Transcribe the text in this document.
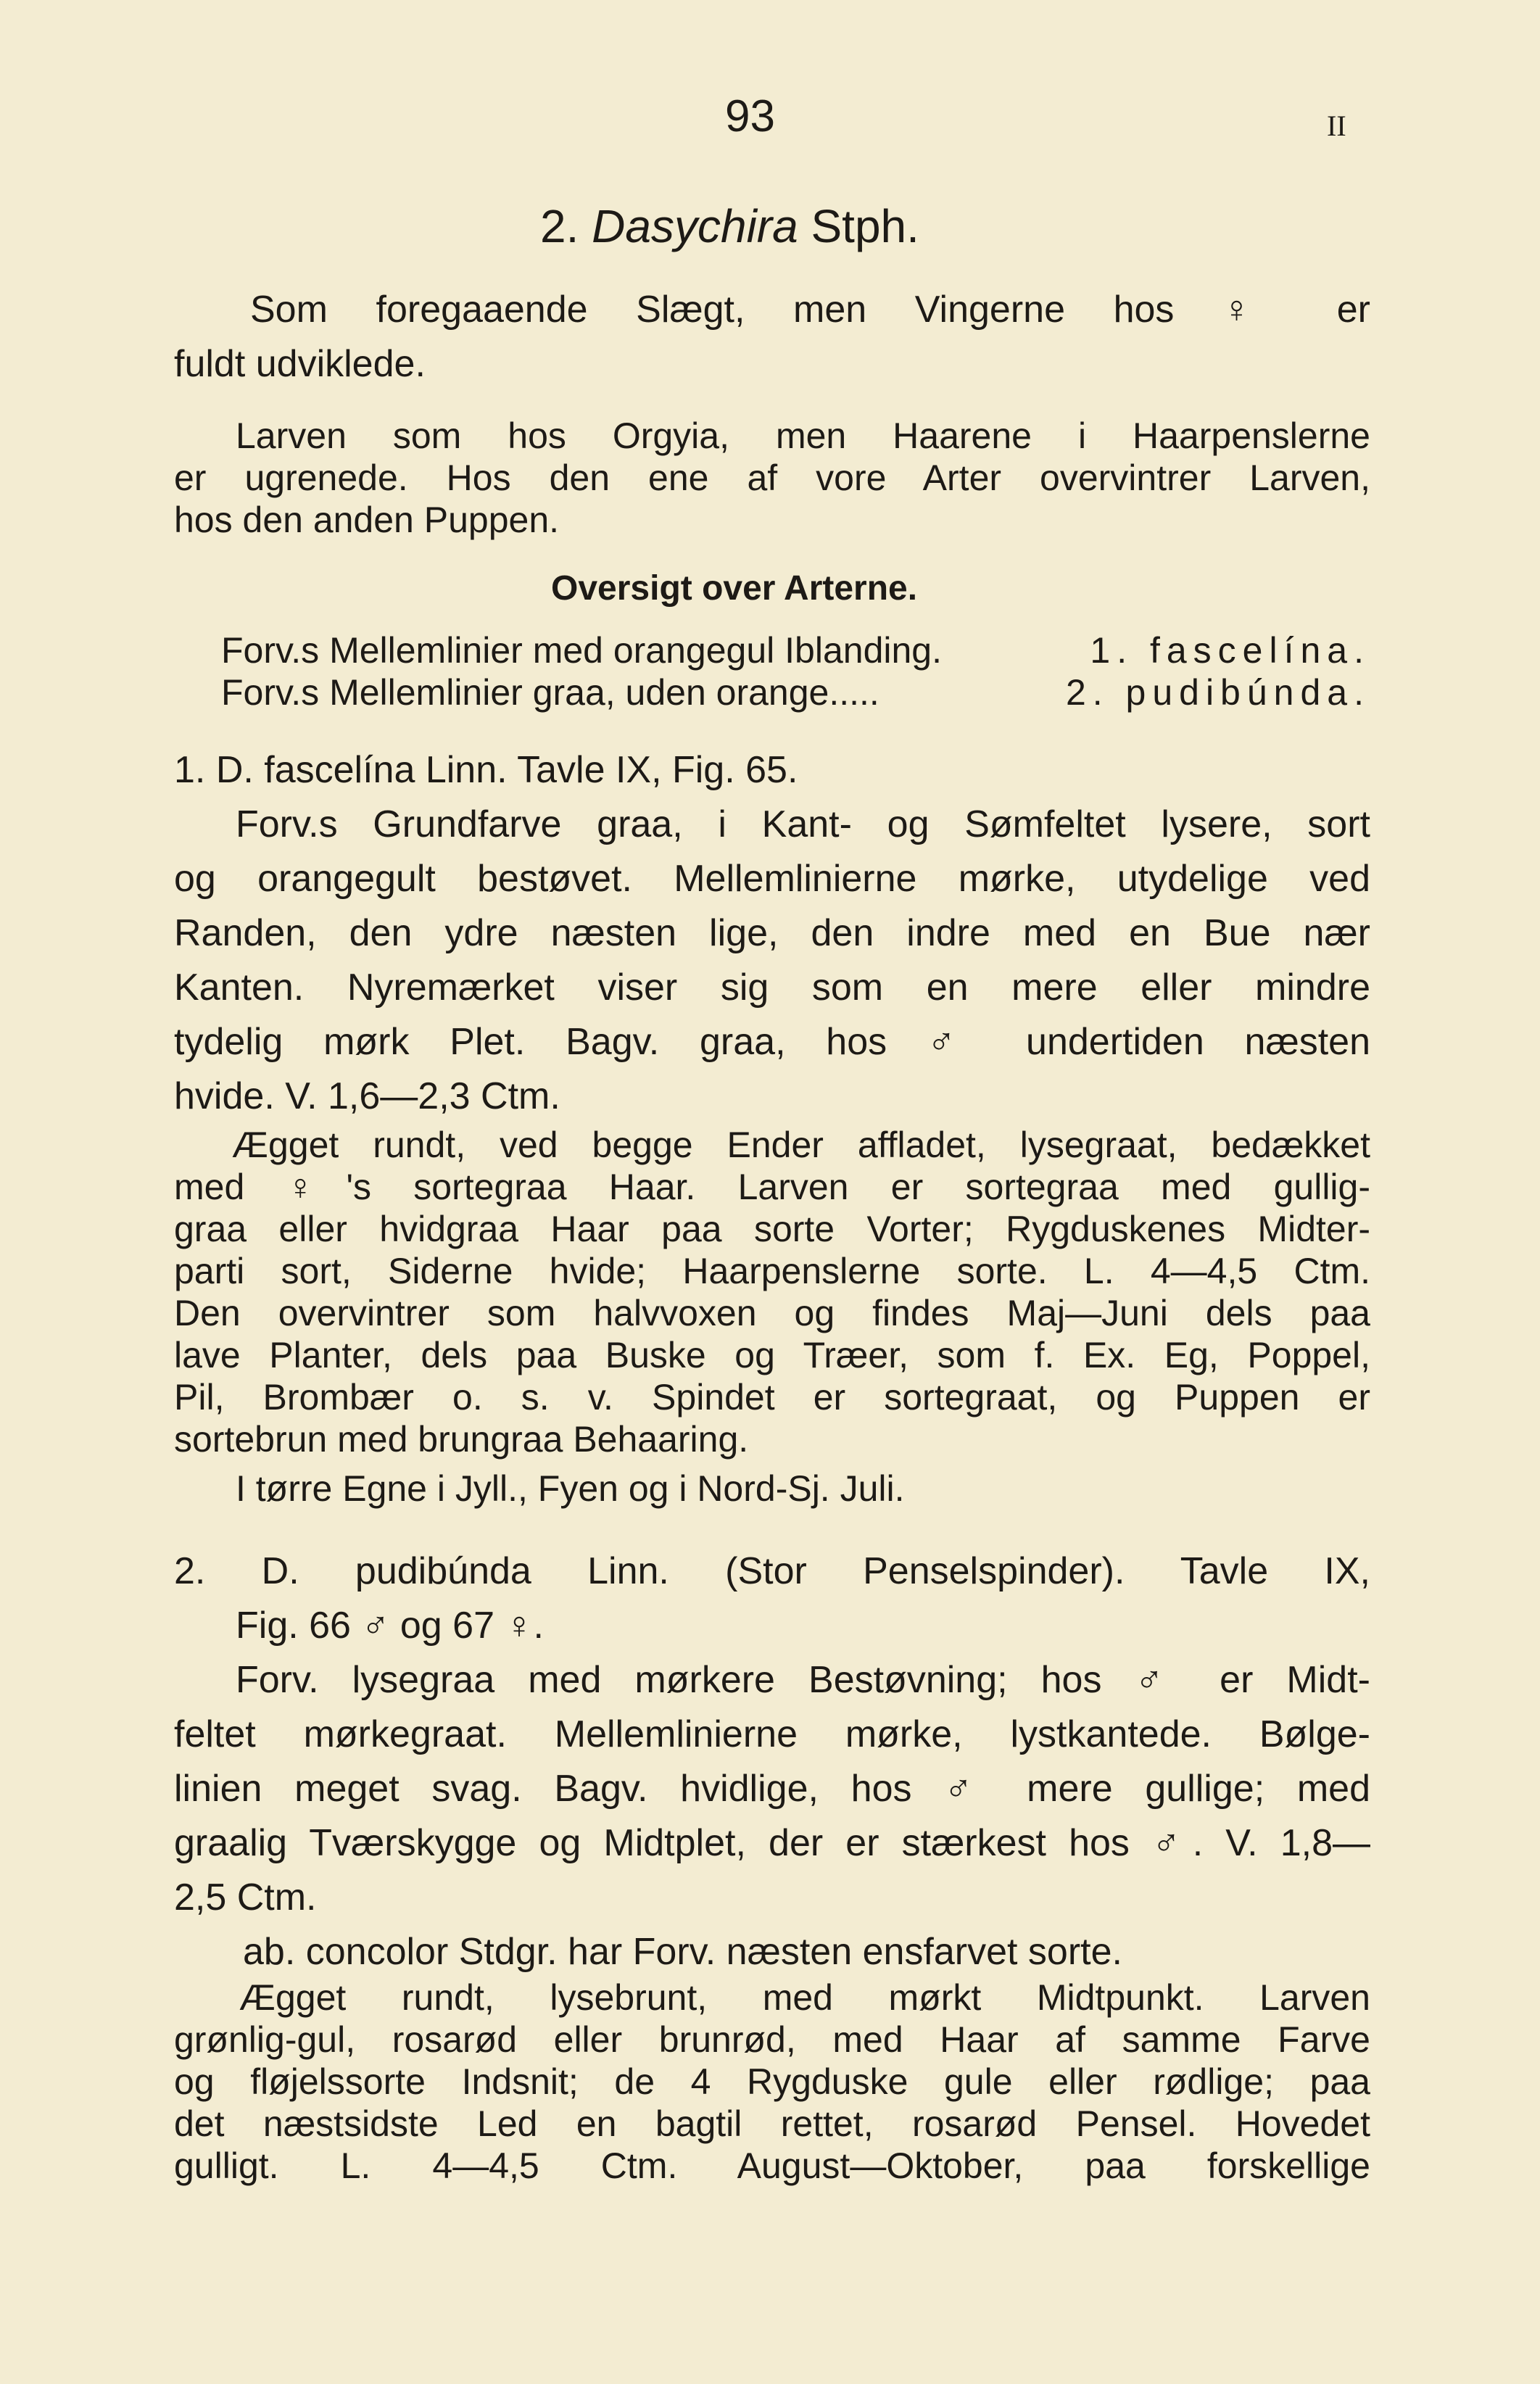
93	II
2. Dasychira Stph.
Som foregaaende Slægt, men Vingerne hos ♀ er
fuldt udviklede.
Larven som hos Orgyia, men Haarene i Haarpenslerne
er ugrenede. Hos den ene af vore Arter overvintrer Larven,
hos den anden Puppen.
Oversigt over Arterne.
Forv.s Mellemlinier med orangegul Iblanding.	1. fascelína.
Forv.s Mellemlinier graa, uden orange.....	2. pudibúnda.
1. D. fascelína Linn. Tavle IX, Fig. 65.
Forv.s Grundfarve graa, i Kant- og Sømfeltet lysere, sort
og orangegult bestøvet. Mellemlinierne mørke, utydelige ved
Randen, den ydre næsten lige, den indre med en Bue nær
Kanten. Nyremærket viser sig som en mere eller mindre
tydelig mørk Plet. Bagv. graa, hos ♂ undertiden næsten
hvide. V. 1,6—2,3 Ctm.
Ægget rundt, ved begge Ender affladet, lysegraat, bedækket
med ♀'s sortegraa Haar. Larven er sortegraa med gullig-
graa eller hvidgraa Haar paa sorte Vorter; Rygduskenes Midter-
parti sort, Siderne hvide; Haarpenslerne sorte. L. 4—4,5 Ctm.
Den overvintrer som halvvoxen og findes Maj—Juni dels paa
lave Planter, dels paa Buske og Træer, som f. Ex. Eg, Poppel,
Pil, Brombær o. s. v. Spindet er sortegraat, og Puppen er
sortebrun med brungraa Behaaring.
I tørre Egne i Jyll., Fyen og i Nord-Sj. Juli.
2. D. pudibúnda Linn. (Stor Penselspinder). Tavle IX,
Fig. 66 ♂ og 67 ♀.
Forv. lysegraa med mørkere Bestøvning; hos ♂ er Midt-
feltet mørkegraat. Mellemlinierne mørke, lystkantede. Bølge-
linien meget svag. Bagv. hvidlige, hos ♂ mere gullige; med
graalig Tværskygge og Midtplet, der er stærkest hos ♂. V. 1,8—
2,5 Ctm.
ab. concolor Stdgr. har Forv. næsten ensfarvet sorte.
Ægget rundt, lysebrunt, med mørkt Midtpunkt. Larven
grønlig-gul, rosarød eller brunrød, med Haar af samme Farve
og fløjelssorte Indsnit; de 4 Rygduske gule eller rødlige; paa
det næstsidste Led en bagtil rettet, rosarød Pensel. Hovedet
gulligt. L. 4—4,5 Ctm. August—Oktober, paa forskellige
